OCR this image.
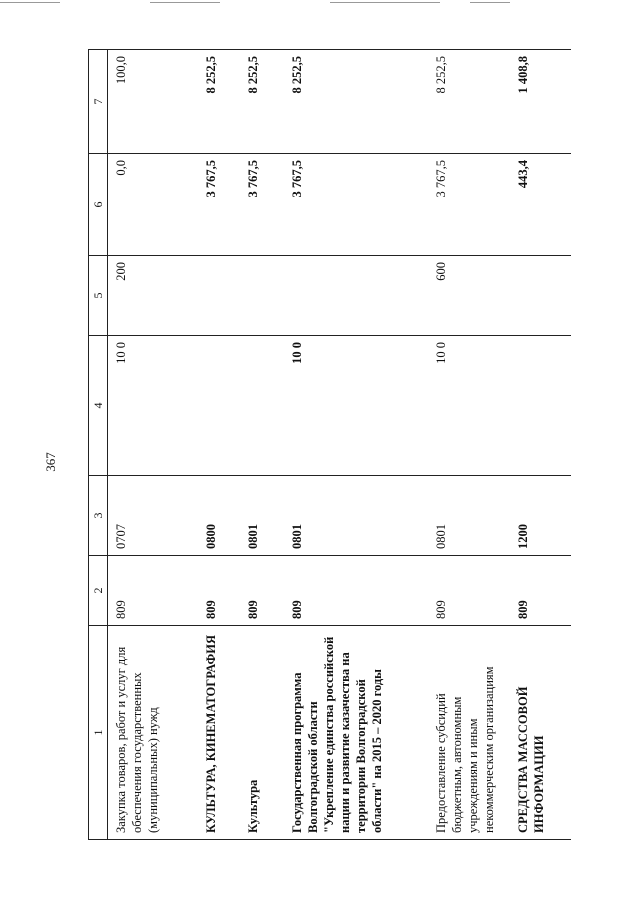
367
1	2	3	4	5	6	7
Закупка товаров, работ и услуг для обеспечения государственных (муниципальных) нужд	809	0707	10 0	200	0,0	100,0
КУЛЬТУРА, КИНЕМАТОГРАФИЯ	809	0800			3 767,5	8 252,5
Культура	809	0801			3 767,5	8 252,5
Государственная программа Волгоградской области "Укрепление единства российской нации и развитие казачества на территории Волгоградской области" на 2015 – 2020 годы	809	0801	10 0		3 767,5	8 252,5
Предоставление субсидий бюджетным, автономным учреждениям и иным некоммерческим организациям	809	0801	10 0	600	3 767,5	8 252,5
СРЕДСТВА МАССОВОЙ ИНФОРМАЦИИ	809	1200			443,4	1 408,8
